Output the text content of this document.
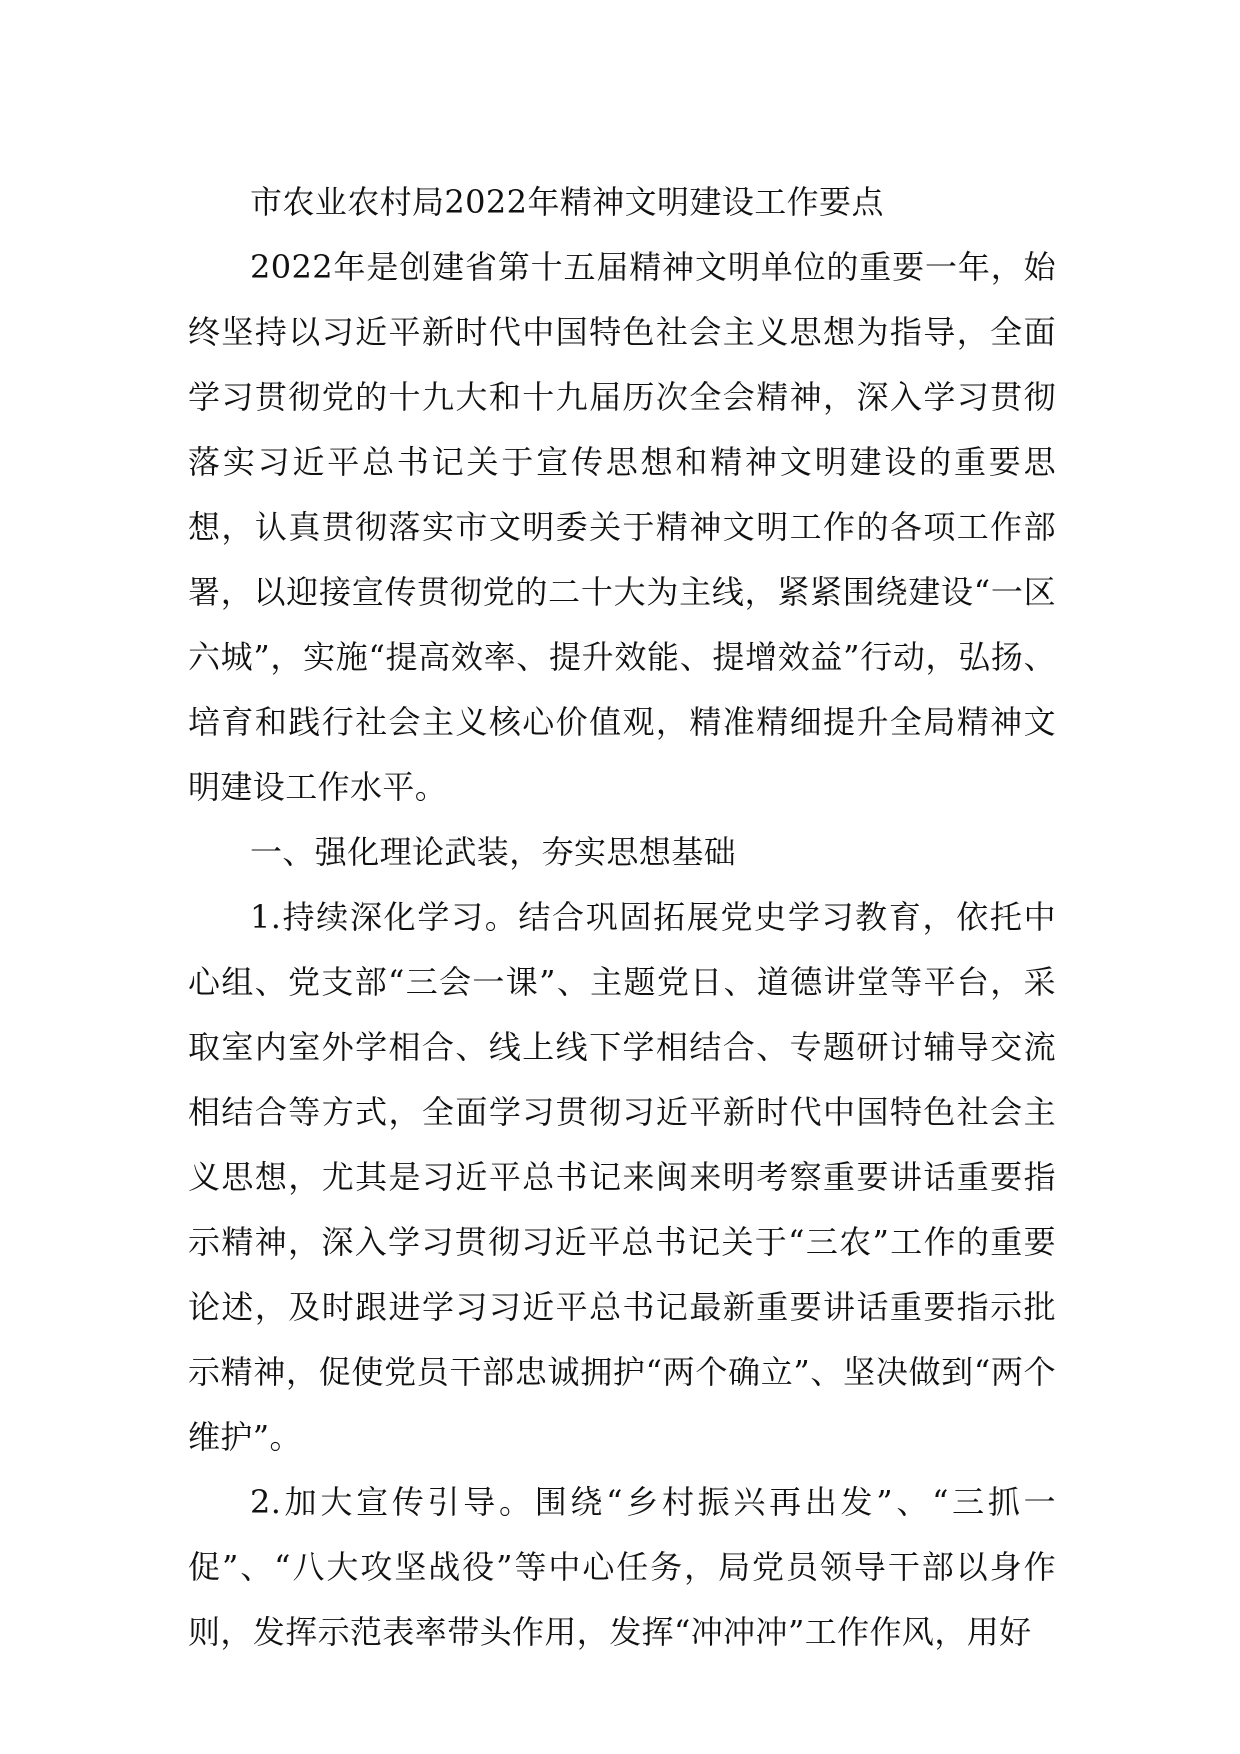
市农业农村局2022年精神文明建设工作要点

2022年是创建省第十五届精神文明单位的重要一年，始终坚持以习近平新时代中国特色社会主义思想为指导，全面学习贯彻党的十九大和十九届历次全会精神，深入学习贯彻落实习近平总书记关于宣传思想和精神文明建设的重要思想，认真贯彻落实市文明委关于精神文明工作的各项工作部署，以迎接宣传贯彻党的二十大为主线，紧紧围绕建设“一区六城”，实施“提高效率、提升效能、提增效益”行动，弘扬、培育和践行社会主义核心价值观，精准精细提升全局精神文明建设工作水平。

一、强化理论武装，夯实思想基础

1.持续深化学习。结合巩固拓展党史学习教育，依托中心组、党支部“三会一课”、主题党日、道德讲堂等平台，采取室内室外学相合、线上线下学相结合、专题研讨辅导交流相结合等方式，全面学习贯彻习近平新时代中国特色社会主义思想，尤其是习近平总书记来闽来明考察重要讲话重要指示精神，深入学习贯彻习近平总书记关于“三农”工作的重要论述，及时跟进学习习近平总书记最新重要讲话重要指示批示精神，促使党员干部忠诚拥护“两个确立”、坚决做到“两个维护”。

2.加大宣传引导。围绕“乡村振兴再出发”、“三抓一促”、“八大攻坚战役”等中心任务，局党员领导干部以身作则，发挥示范表率带头作用，发挥“冲冲冲”工作作风，用好
